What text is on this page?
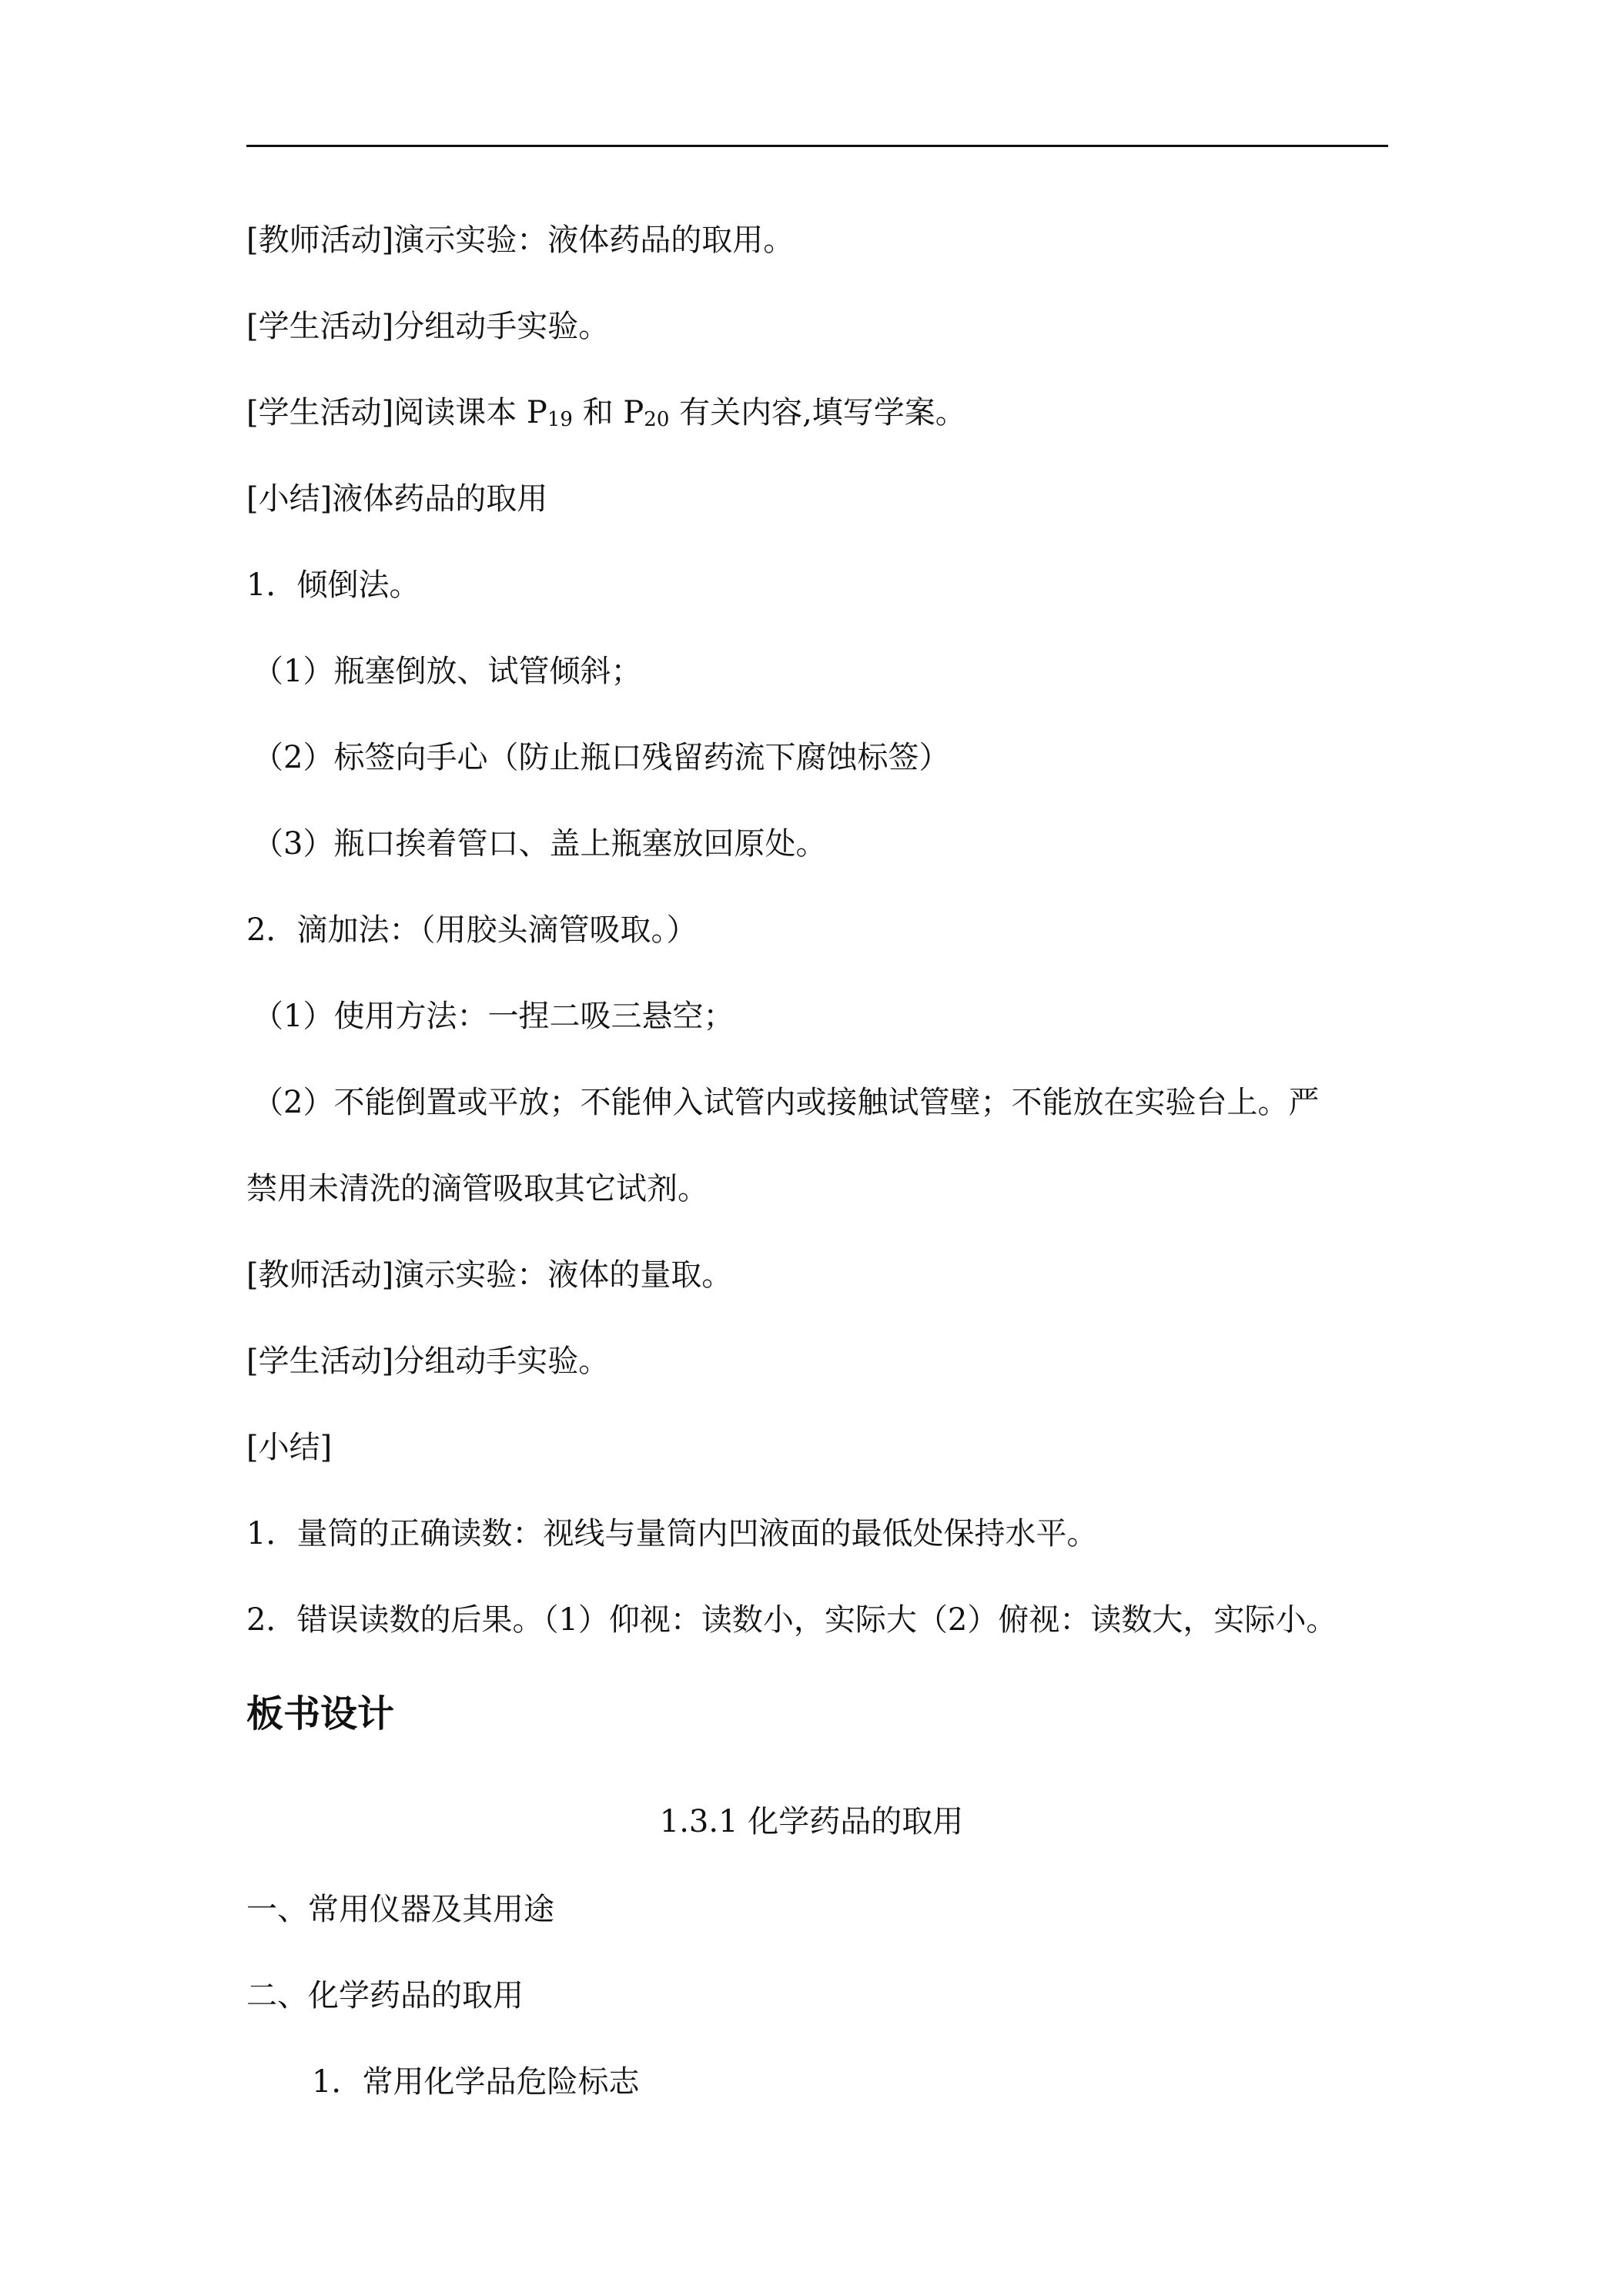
[教师活动]演示实验：液体药品的取用。
[学生活动]分组动手实验。
[学生活动]阅读课本 $P_{19}$ 和 $P_{20}$ 有关内容,填写学案。
[小结]液体药品的取用
1．倾倒法。
（1）瓶塞倒放、试管倾斜；
（2）标签向手心（防止瓶口残留药流下腐蚀标签）
（3）瓶口挨着管口、盖上瓶塞放回原处。
2．滴加法：（用胶头滴管吸取。）
（1）使用方法：一捏二吸三悬空；
（2）不能倒置或平放；不能伸入试管内或接触试管壁；不能放在实验台上。严
禁用未清洗的滴管吸取其它试剂。
[教师活动]演示实验：液体的量取。
[学生活动]分组动手实验。
[小结]
1．量筒的正确读数：视线与量筒内凹液面的最低处保持水平。
2．错误读数的后果。（1）仰视：读数小，实际大（2）俯视：读数大，实际小。
板书设计
1.3.1 化学药品的取用
一、常用仪器及其用途
二、化学药品的取用
1．常用化学品危险标志
